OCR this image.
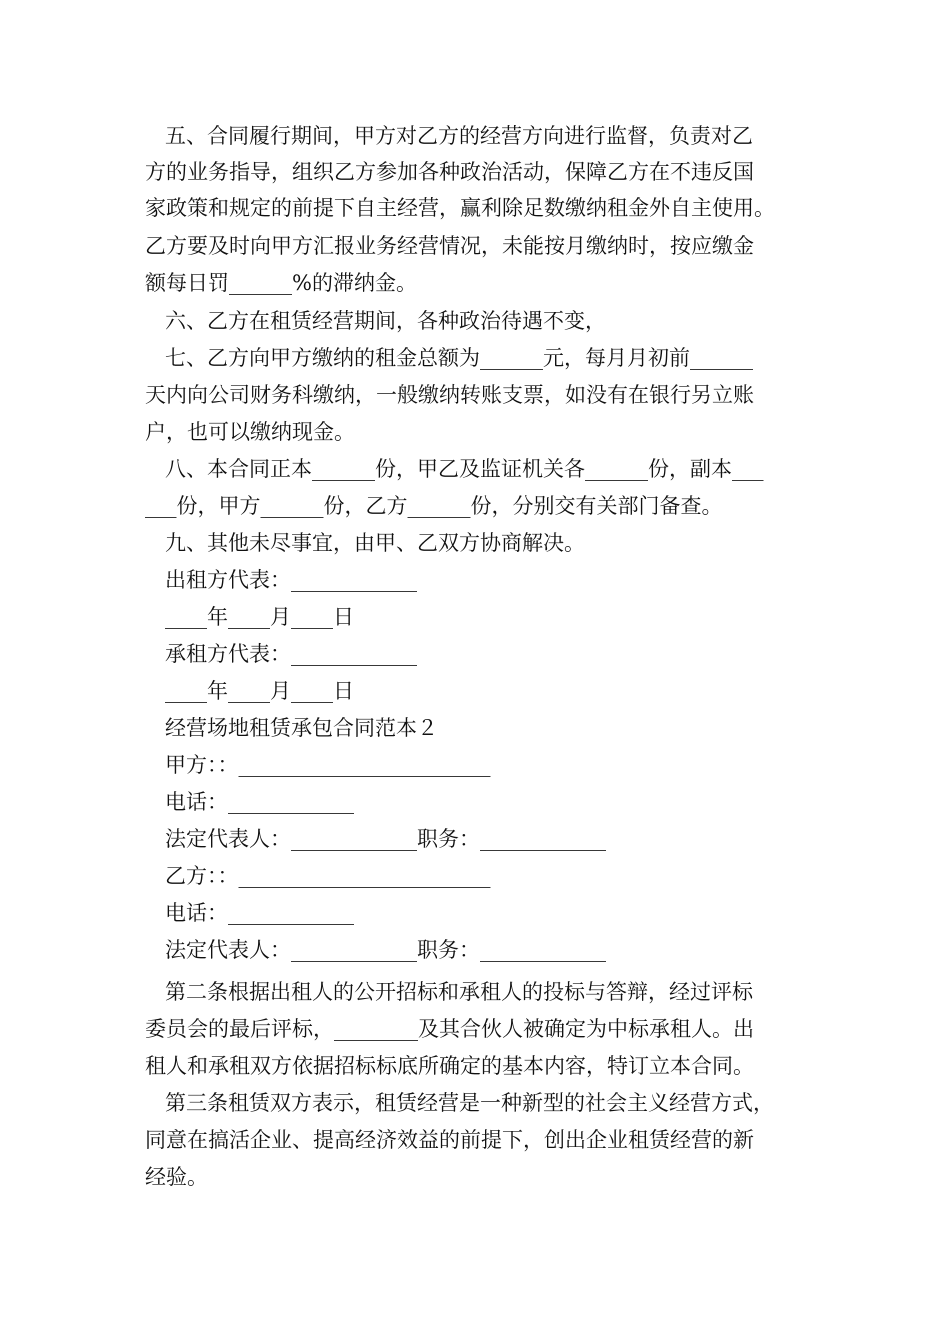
五、合同履行期间，甲方对乙方的经营方向进行监督，负责对乙
方的业务指导，组织乙方参加各种政治活动，保障乙方在不违反国
家政策和规定的前提下自主经营，赢利除足数缴纳租金外自主使用。
乙方要及时向甲方汇报业务经营情况，未能按月缴纳时，按应缴金
额每日罚______%的滞纳金。
六、乙方在租赁经营期间，各种政治待遇不变，
七、乙方向甲方缴纳的租金总额为______元，每月月初前______
天内向公司财务科缴纳，一般缴纳转账支票，如没有在银行另立账
户，也可以缴纳现金。
八、本合同正本______份，甲乙及监证机关各______份，副本___
___份，甲方______份，乙方______份，分别交有关部门备查。
九、其他未尽事宜，由甲、乙双方协商解决。
出租方代表：____________
____年____月____日
承租方代表：____________
____年____月____日
经营场地租赁承包合同范本２
甲方：：________________________
电话：____________
法定代表人：____________职务：____________
乙方：：________________________
电话：____________
法定代表人：____________职务：____________
第二条根据出租人的公开招标和承租人的投标与答辩，经过评标
委员会的最后评标，________及其合伙人被确定为中标承租人。出
租人和承租双方依据招标标底所确定的基本内容，特订立本合同。
第三条租赁双方表示，租赁经营是一种新型的社会主义经营方式，
同意在搞活企业、提高经济效益的前提下，创出企业租赁经营的新
经验。
